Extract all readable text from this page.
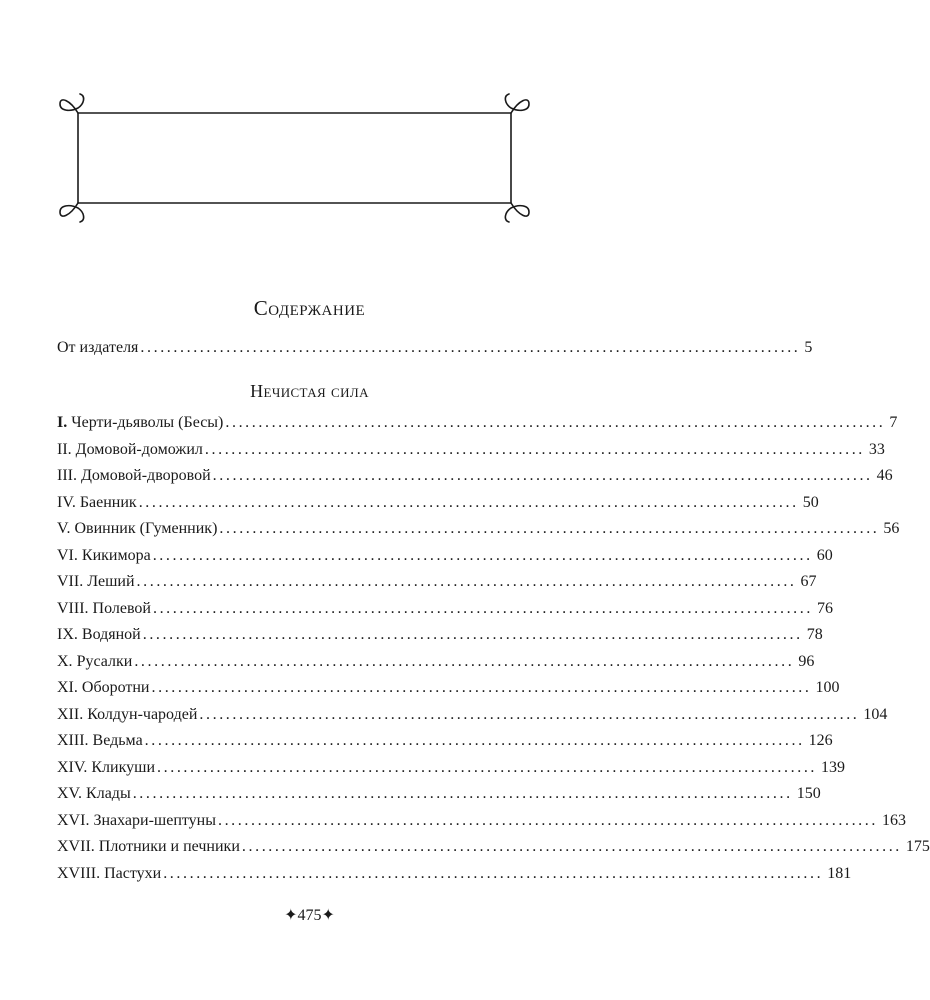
Содержание
От издателя .................................................................................................... 5
Нечистая сила
I. Черти-дьяволы (Бесы) .................................................................................................... 7
II. Домовой-доможил .................................................................................................... 33
III. Домовой-дворовой .................................................................................................... 46
IV. Баенник .................................................................................................... 50
V. Овинник (Гуменник) .................................................................................................... 56
VI. Кикимора .................................................................................................... 60
VII. Леший .................................................................................................... 67
VIII. Полевой .................................................................................................... 76
IX. Водяной .................................................................................................... 78
X. Русалки .................................................................................................... 96
XI. Оборотни .................................................................................................... 100
XII. Колдун-чародей .................................................................................................... 104
XIII. Ведьма .................................................................................................... 126
XIV. Кликуши .................................................................................................... 139
XV. Клады .................................................................................................... 150
XVI. Знахари-шептуны .................................................................................................... 163
XVII. Плотники и печники .................................................................................................... 175
XVIII. Пастухи .................................................................................................... 181
✦475✦
